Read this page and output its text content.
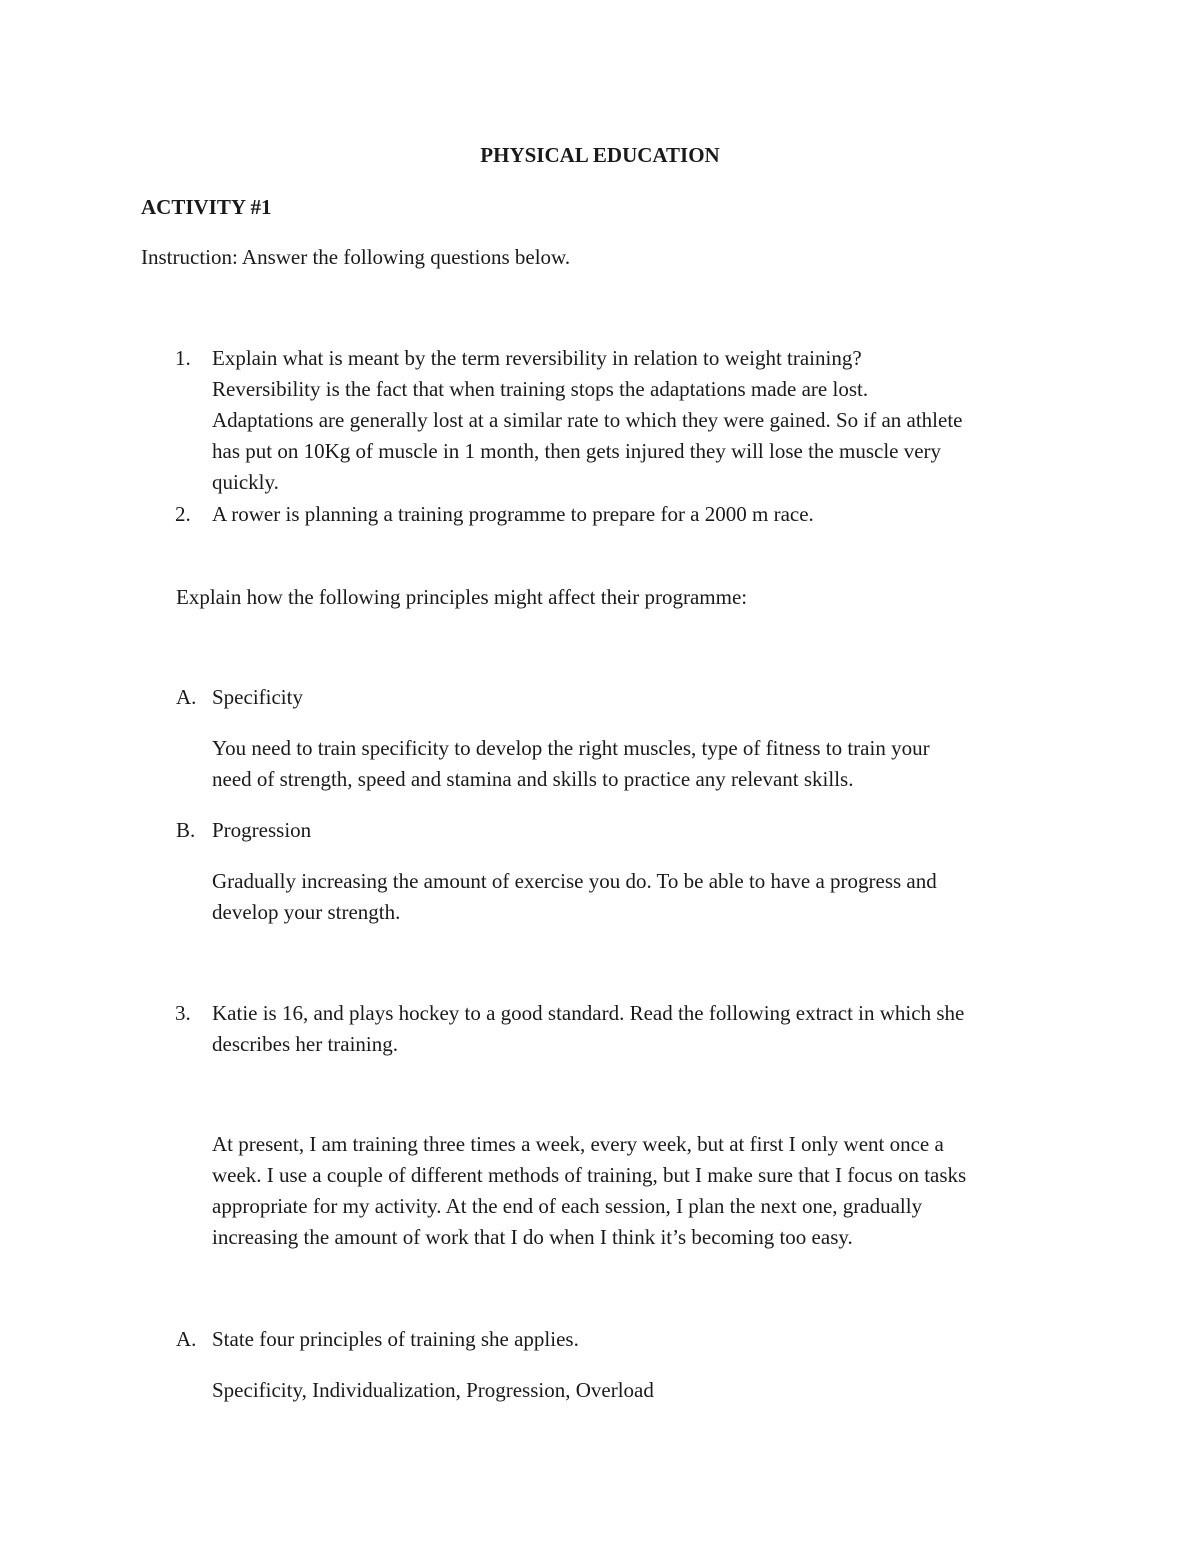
PHYSICAL EDUCATION
ACTIVITY #1
Instruction: Answer the following questions below.
1. Explain what is meant by the term reversibility in relation to weight training?
Reversibility is the fact that when training stops the adaptations made are lost.
Adaptations are generally lost at a similar rate to which they were gained. So if an athlete
has put on 10Kg of muscle in 1 month, then gets injured they will lose the muscle very
quickly.
2. A rower is planning a training programme to prepare for a 2000 m race.
Explain how the following principles might affect their programme:
A. Specificity
You need to train specificity to develop the right muscles, type of fitness to train your
need of strength, speed and stamina and skills to practice any relevant skills.
B. Progression
Gradually increasing the amount of exercise you do. To be able to have a progress and
develop your strength.
3. Katie is 16, and plays hockey to a good standard. Read the following extract in which she
describes her training.
At present, I am training three times a week, every week, but at first I only went once a
week. I use a couple of different methods of training, but I make sure that I focus on tasks
appropriate for my activity. At the end of each session, I plan the next one, gradually
increasing the amount of work that I do when I think it’s becoming too easy.
A. State four principles of training she applies.
Specificity, Individualization, Progression, Overload
